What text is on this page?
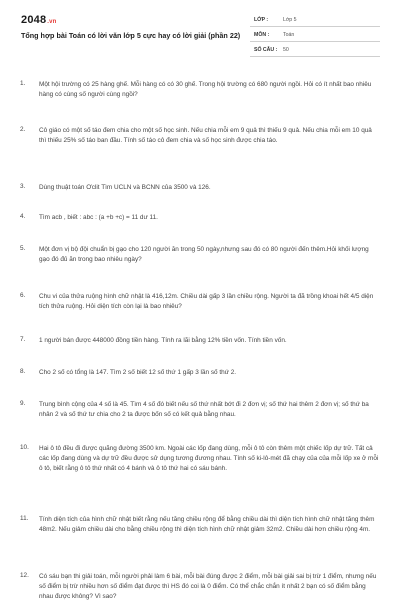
2048.vn
Tổng hợp bài Toán có lời văn lớp 5 cực hay có lời giải (phần 22)
LỚP :	Lớp 5
MÔN :	Toán
SỐ CÂU : 50
1. Một hội trường có 25 hàng ghế. Mỗi hàng có có 30 ghế. Trong hội trường có 680 người ngồi. Hỏi có ít nhất bao nhiêu hàng có cùng số người cùng ngồi?
2. Cô giáo có một số táo đem chia cho một số học sinh. Nếu chia mỗi em 9 quả thì thiếu 9 quả. Nếu chia mỗi em 10 quả thì thiếu 25% số táo ban đầu. Tính số táo cô đem chia và số học sinh được chia táo.
3. Dùng thuật toán Ơclit Tìm UCLN và BCNN của 3500 và 126.
4. Tìm acb , biết : abc : (a +b +c) = 11 dư 11.
5. Một đơn vị bộ đội chuẩn bị gạo cho 120 người ăn trong 50 ngày,nhưng sau đó có 80 người đến thêm.Hỏi khối lượng gạo đó đủ ăn trong bao nhiêu ngày?
6. Chu vi của thửa ruộng hình chữ nhật là 416,12m. Chiều dài gấp 3 lần chiều rộng. Người ta đã trồng khoai hết 4/5 diện tích thửa ruộng. Hỏi diện tích còn lại là bao nhiêu?
7. 1 người bán được 448000 đồng tiền hàng. Tính ra lãi bằng 12% tiền vốn. Tính tiền vốn.
8. Cho 2 số có tổng là 147. Tìm 2 số biết 12 số thứ 1 gấp 3 lần số thứ 2.
9. Trung bình cộng của 4 số là 45. Tìm 4 số đó biết nếu số thứ nhất bớt đi 2 đơn vị; số thứ hai thêm 2 đơn vị; số thứ ba nhân 2 và số thứ tư chia cho 2 ta được bốn số có kết quả bằng nhau.
10. Hai ô tô đều đi được quãng đường 3500 km. Ngoài các lốp đang dùng, mỗi ô tô còn thêm một chiếc lốp dự trữ. Tất cả các lốp đang dùng và dự trữ đều được sử dụng tương đương nhau. Tính số ki-lô-mét đã chạy của của mỗi lốp xe ở mỗi ô tô, biết rằng ô tô thứ nhất có 4 bánh và ô tô thứ hai có sáu bánh.
11. Tính diện tích của hình chữ nhật biết rằng nếu tăng chiều rộng để bằng chiều dài thì diện tích hình chữ nhật tăng thêm 48m2. Nếu giảm chiều dài cho bằng chiều rộng thì diện tích hình chữ nhật giảm 32m2. Chiều dài hơn chiều rộng 4m.
12. Có sáu bạn thi giải toán, mỗi người phải làm 6 bài, mỗi bài đúng được 2 điểm, mỗi bài giải sai bị trừ 1 điểm, nhưng nếu số điểm bị trừ nhiều hơn số điểm đạt được thì HS đó coi là 0 điểm. Có thể chắc chắn ít nhất 2 bạn có số điểm bằng nhau được không? Vì sao?
